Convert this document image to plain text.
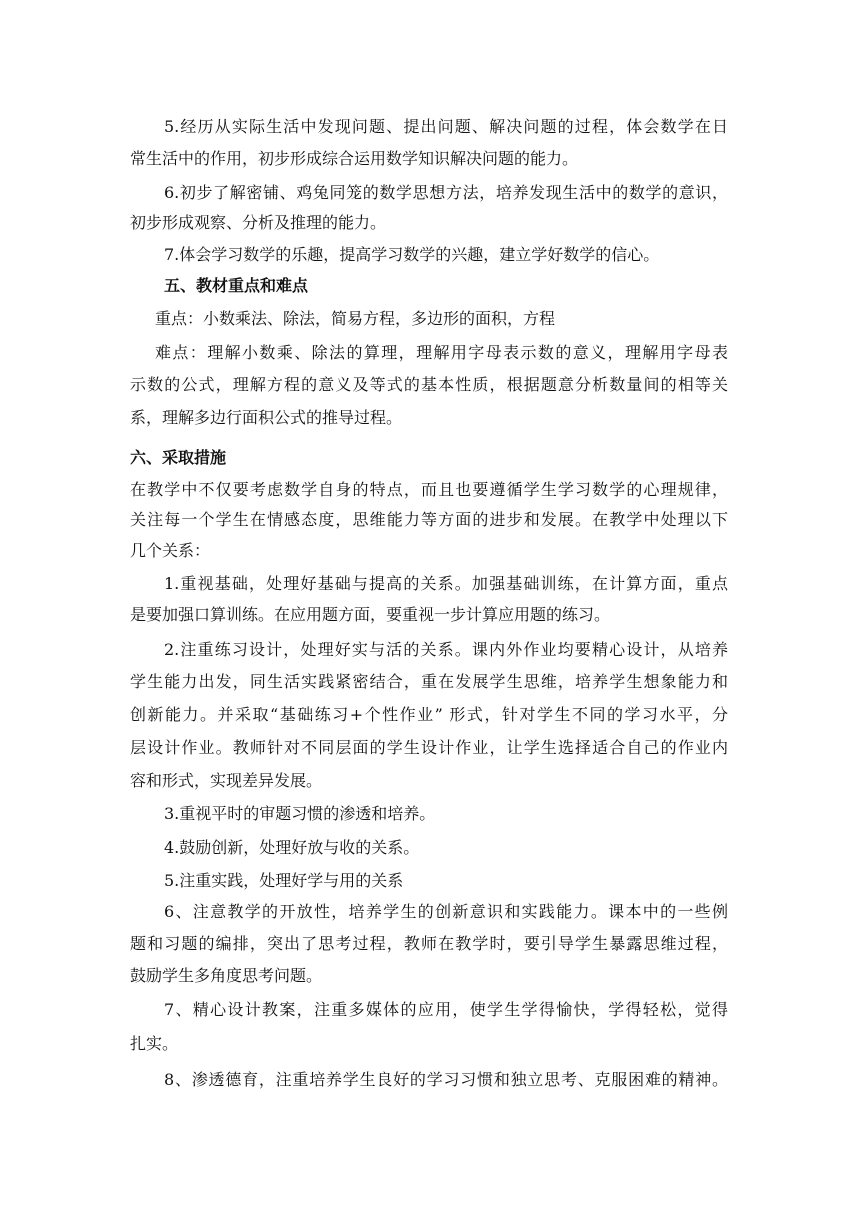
5.经历从实际生活中发现问题、提出问题、解决问题的过程，体会数学在日
常生活中的作用，初步形成综合运用数学知识解决问题的能力。
6.初步了解密铺、鸡兔同笼的数学思想方法，培养发现生活中的数学的意识，
初步形成观察、分析及推理的能力。
7.体会学习数学的乐趣，提高学习数学的兴趣，建立学好数学的信心。
五、教材重点和难点
重点：小数乘法、除法，简易方程，多边形的面积，方程
难点：理解小数乘、除法的算理，理解用字母表示数的意义，理解用字母表
示数的公式，理解方程的意义及等式的基本性质，根据题意分析数量间的相等关
系，理解多边行面积公式的推导过程。
六、采取措施
在教学中不仅要考虑数学自身的特点，而且也要遵循学生学习数学的心理规律，
关注每一个学生在情感态度，思维能力等方面的进步和发展。在教学中处理以下
几个关系：
1.重视基础，处理好基础与提高的关系。加强基础训练，在计算方面，重点
是要加强口算训练。在应用题方面，要重视一步计算应用题的练习。
2.注重练习设计，处理好实与活的关系。课内外作业均要精心设计，从培养
学生能力出发，同生活实践紧密结合，重在发展学生思维，培养学生想象能力和
创新能力。并采取“基础练习+个性作业” 形式，针对学生不同的学习水平，分
层设计作业。教师针对不同层面的学生设计作业，让学生选择适合自己的作业内
容和形式，实现差异发展。
3.重视平时的审题习惯的渗透和培养。
4.鼓励创新，处理好放与收的关系。
5.注重实践，处理好学与用的关系
6、注意教学的开放性，培养学生的创新意识和实践能力。课本中的一些例
题和习题的编排，突出了思考过程，教师在教学时，要引导学生暴露思维过程，
鼓励学生多角度思考问题。
7、精心设计教案，注重多媒体的应用，使学生学得愉快，学得轻松，觉得
扎实。
8、渗透德育，注重培养学生良好的学习习惯和独立思考、克服困难的精神。
